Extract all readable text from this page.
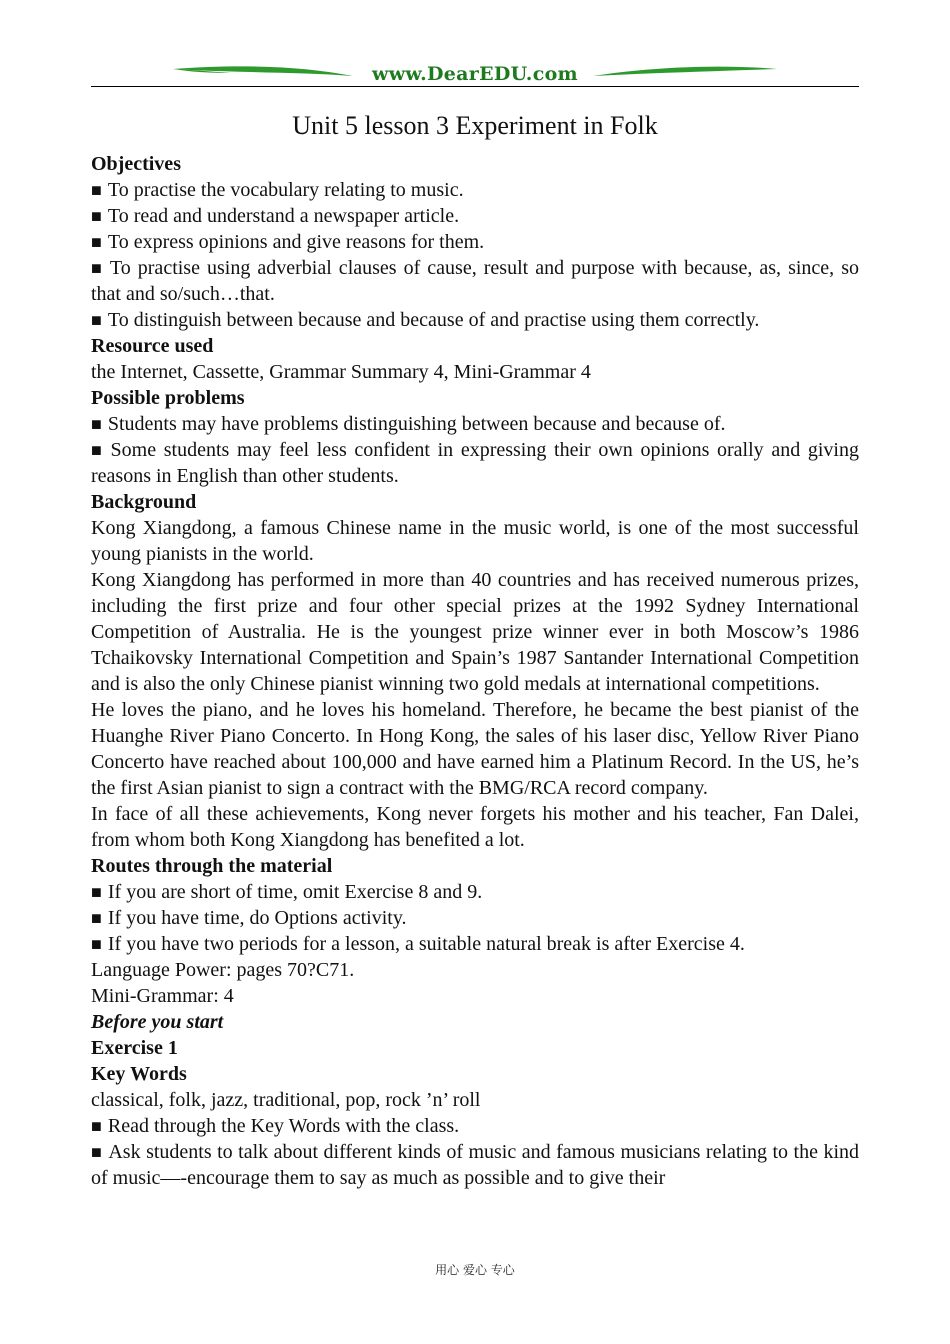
www.DearEDU.com
Unit 5 lesson 3 Experiment in Folk

Objectives

■ To practise the vocabulary relating to music.

■ To read and understand a newspaper article.

■ To express opinions and give reasons for them.

■ To practise using adverbial clauses of cause, result and purpose with because, as, since, so that and so/such…that.

■ To distinguish between because and because of and practise using them correctly.

Resource used

the Internet, Cassette, Grammar Summary 4, Mini-Grammar 4

Possible problems

■ Students may have problems distinguishing between because and because of.

■ Some students may feel less confident in expressing their own opinions orally and giving reasons in English than other students.

Background

Kong Xiangdong, a famous Chinese name in the music world, is one of the most successful young pianists in the world.

Kong Xiangdong has performed in more than 40 countries and has received numerous prizes, including the first prize and four other special prizes at the 1992 Sydney International Competition of Australia. He is the youngest prize winner ever in both Moscow’s 1986 Tchaikovsky International Competition and Spain’s 1987 Santander International Competition and is also the only Chinese pianist winning two gold medals at international competitions.

He loves the piano, and he loves his homeland. Therefore, he became the best pianist of the Huanghe River Piano Concerto. In Hong Kong, the sales of his laser disc, Yellow River Piano Concerto have reached about 100,000 and have earned him a Platinum Record. In the US, he’s the first Asian pianist to sign a contract with the BMG/RCA record company.

In face of all these achievements, Kong never forgets his mother and his teacher, Fan Dalei, from whom both Kong Xiangdong has benefited a lot.

Routes through the material

■ If you are short of time, omit Exercise 8 and 9.

■ If you have time, do Options activity.

■ If you have two periods for a lesson, a suitable natural break is after Exercise 4.

Language Power: pages 70?C71.

Mini-Grammar: 4

Before you start

Exercise 1

Key Words

classical, folk, jazz, traditional, pop, rock ’n’ roll

■ Read through the Key Words with the class.

■ Ask students to talk about different kinds of music and famous musicians relating to the kind of music—-encourage them to say as much as possible and to give their

用心 爱心 专心
